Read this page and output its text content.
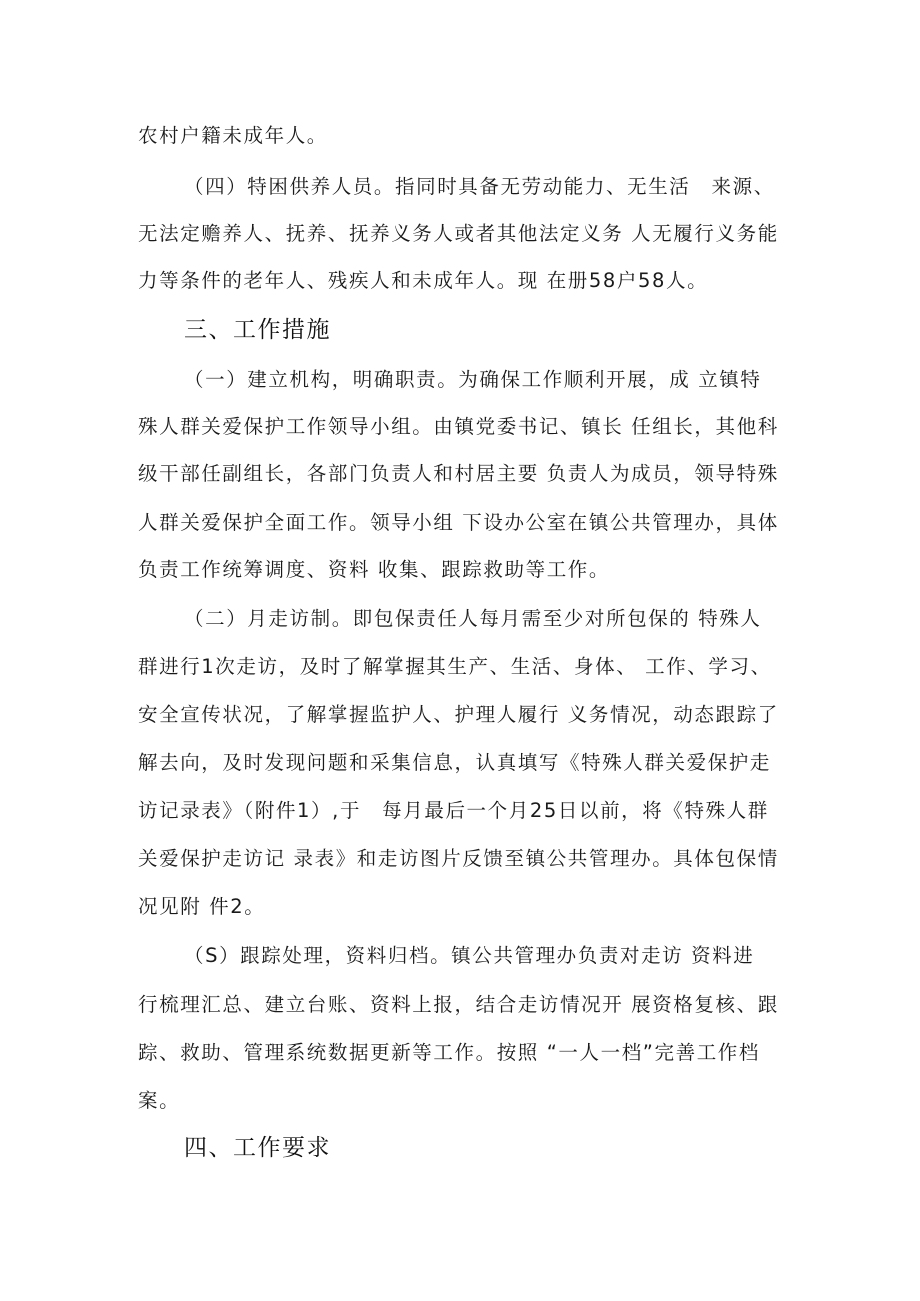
农村户籍未成年人。
（四）特困供养人员。指同时具备无劳动能力、无生活　来源、
无法定赡养人、抚养、抚养义务人或者其他法定义务 人无履行义务能
力等条件的老年人、残疾人和未成年人。现 在册58户58人。
三、工作措施
（一）建立机构，明确职责。为确保工作顺利开展，成 立镇特
殊人群关爱保护工作领导小组。由镇党委书记、镇长 任组长，其他科
级干部任副组长，各部门负责人和村居主要 负责人为成员，领导特殊
人群关爱保护全面工作。领导小组 下设办公室在镇公共管理办，具体
负责工作统筹调度、资料 收集、跟踪救助等工作。
（二）月走访制。即包保责任人每月需至少对所包保的 特殊人
群进行1次走访，及时了解掌握其生产、生活、身体、 工作、学习、
安全宣传状况，了解掌握监护人、护理人履行 义务情况，动态跟踪了
解去向，及时发现问题和采集信息，认真填写《特殊人群关爱保护走
访记录表》（附件1）,于　每月最后一个月25日以前，将《特殊人群
关爱保护走访记 录表》和走访图片反馈至镇公共管理办。具体包保情
况见附 件2。
（S）跟踪处理，资料归档。镇公共管理办负责对走访 资料进
行梳理汇总、建立台账、资料上报，结合走访情况开 展资格复核、跟
踪、救助、管理系统数据更新等工作。按照 “一人一档”完善工作档
案。
四、工作要求
